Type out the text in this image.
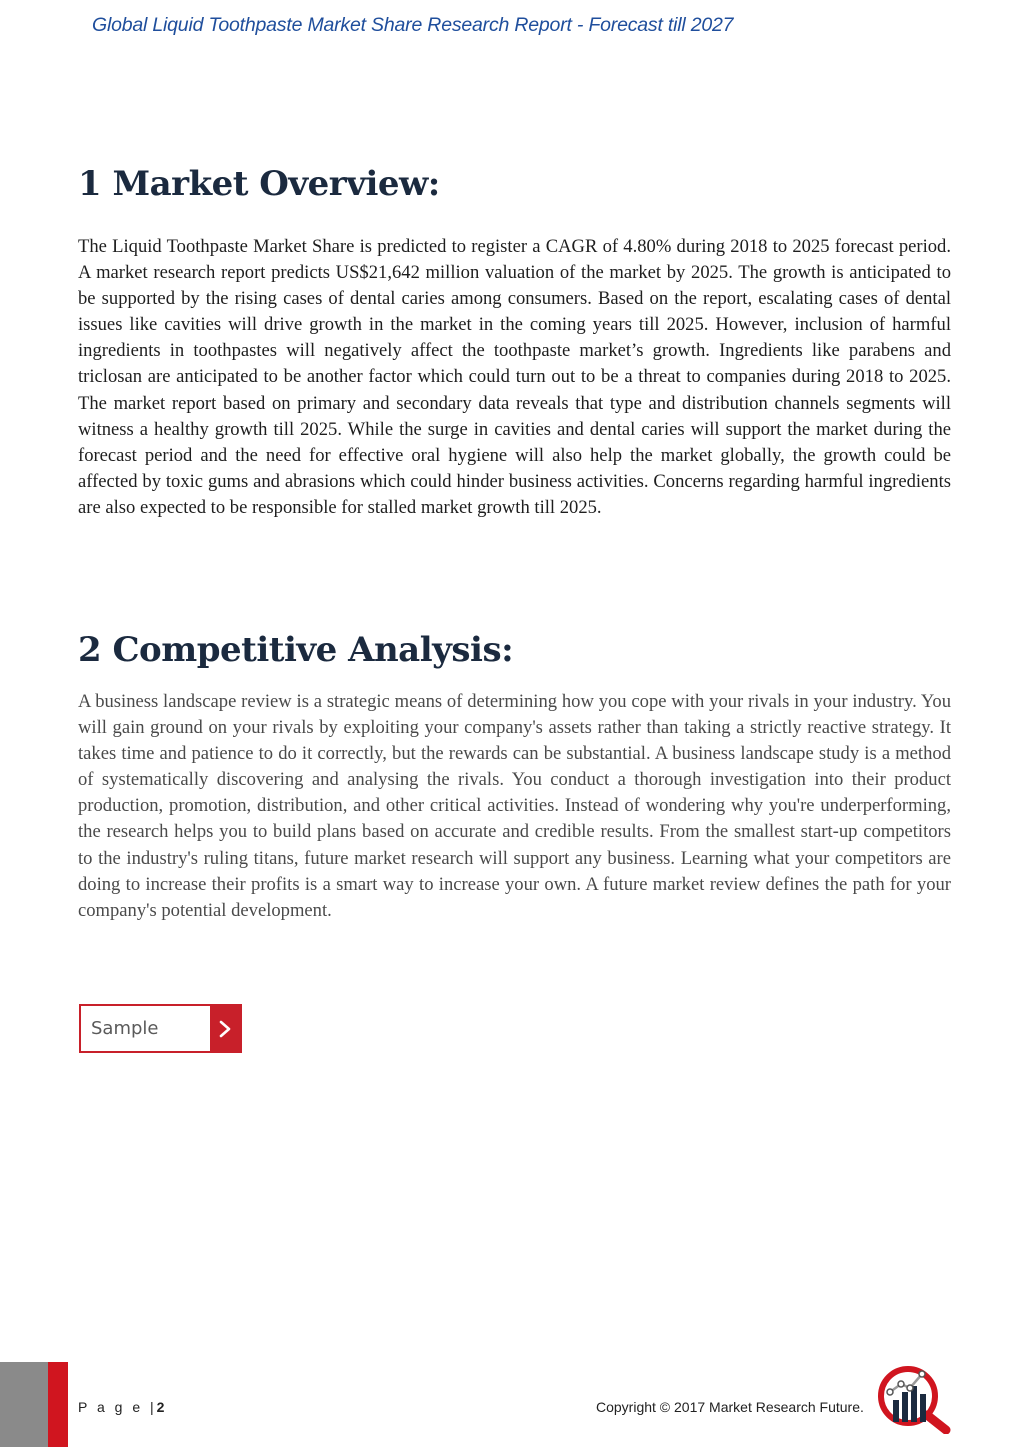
Global Liquid Toothpaste Market Share Research Report - Forecast till 2027
1 Market Overview:

The Liquid Toothpaste Market Share is predicted to register a CAGR of 4.80% during 2018 to 2025 forecast period. A market research report predicts US$21,642 million valuation of the market by 2025. The growth is anticipated to be supported by the rising cases of dental caries among consumers. Based on the report, escalating cases of dental issues like cavities will drive growth in the market in the coming years till 2025. However, inclusion of harmful ingredients in toothpastes will negatively affect the toothpaste market’s growth. Ingredients like parabens and triclosan are anticipated to be another factor which could turn out to be a threat to companies during 2018 to 2025. The market report based on primary and secondary data reveals that type and distribution channels segments will witness a healthy growth till 2025. While the surge in cavities and dental caries will support the market during the forecast period and the need for effective oral hygiene will also help the market globally, the growth could be affected by toxic gums and abrasions which could hinder business activities. Concerns regarding harmful ingredients are also expected to be responsible for stalled market growth till 2025.

2 Competitive Analysis:

A business landscape review is a strategic means of determining how you cope with your rivals in your industry. You will gain ground on your rivals by exploiting your company's assets rather than taking a strictly reactive strategy. It takes time and patience to do it correctly, but the rewards can be substantial. A business landscape study is a method of systematically discovering and analysing the rivals. You conduct a thorough investigation into their product production, promotion, distribution, and other critical activities. Instead of wondering why you're underperforming, the research helps you to build plans based on accurate and credible results. From the smallest start-up competitors to the industry's ruling titans, future market research will support any business. Learning what your competitors are doing to increase their profits is a smart way to increase your own. A future market review defines the path for your company's potential development.

Sample
P a g e |2	Copyright © 2017 Market Research Future.
